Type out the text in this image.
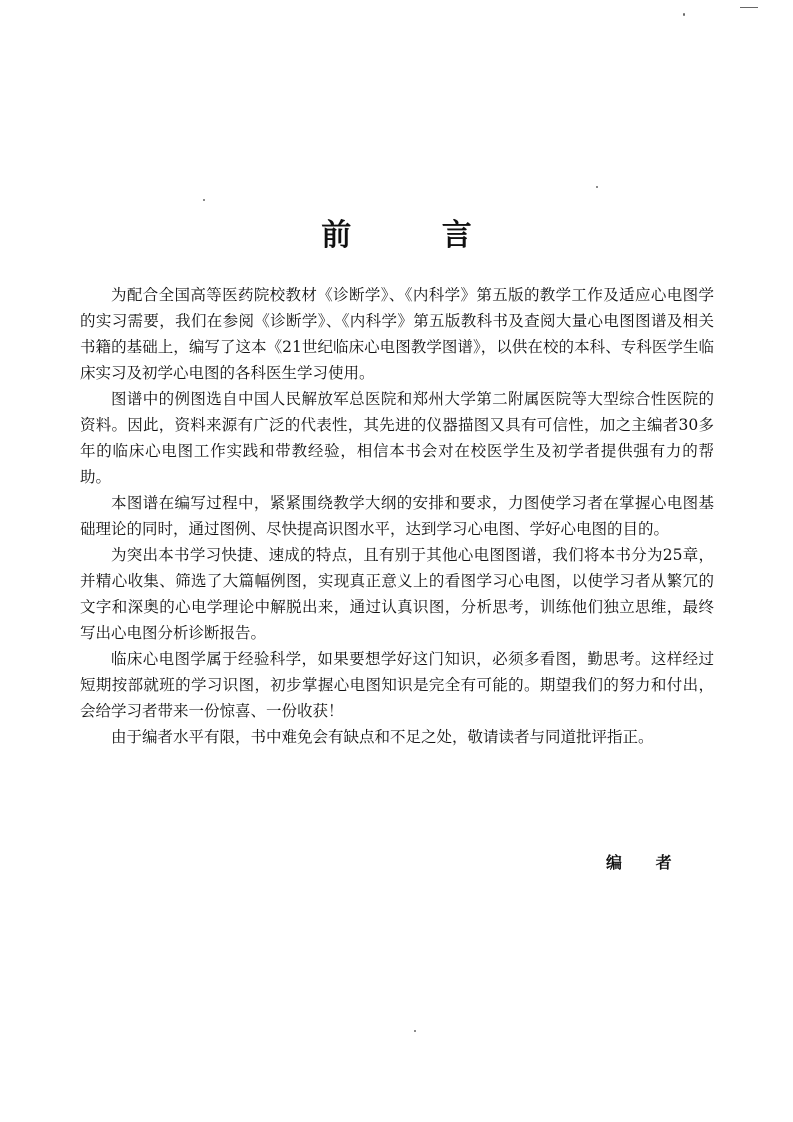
前 言

为配合全国高等医药院校教材《诊断学》、《内科学》第五版的教学工作及适应心电图学的实习需要，我们在参阅《诊断学》、《内科学》第五版教科书及查阅大量心电图图谱及相关书籍的基础上，编写了这本《21世纪临床心电图教学图谱》，以供在校的本科、专科医学生临床实习及初学心电图的各科医生学习使用。

图谱中的例图选自中国人民解放军总医院和郑州大学第二附属医院等大型综合性医院的资料。因此，资料来源有广泛的代表性，其先进的仪器描图又具有可信性，加之主编者30多年的临床心电图工作实践和带教经验，相信本书会对在校医学生及初学者提供强有力的帮助。

本图谱在编写过程中，紧紧围绕教学大纲的安排和要求，力图使学习者在掌握心电图基础理论的同时，通过图例、尽快提高识图水平，达到学习心电图、学好心电图的目的。

为突出本书学习快捷、速成的特点，且有别于其他心电图图谱，我们将本书分为25章，并精心收集、筛选了大篇幅例图，实现真正意义上的看图学习心电图，以使学习者从繁冗的文字和深奥的心电学理论中解脱出来，通过认真识图，分析思考，训练他们独立思维，最终写出心电图分析诊断报告。

临床心电图学属于经验科学，如果要想学好这门知识，必须多看图，勤思考。这样经过短期按部就班的学习识图，初步掌握心电图知识是完全有可能的。期望我们的努力和付出，会给学习者带来一份惊喜、一份收获！

由于编者水平有限，书中难免会有缺点和不足之处，敬请读者与同道批评指正。

编 者
